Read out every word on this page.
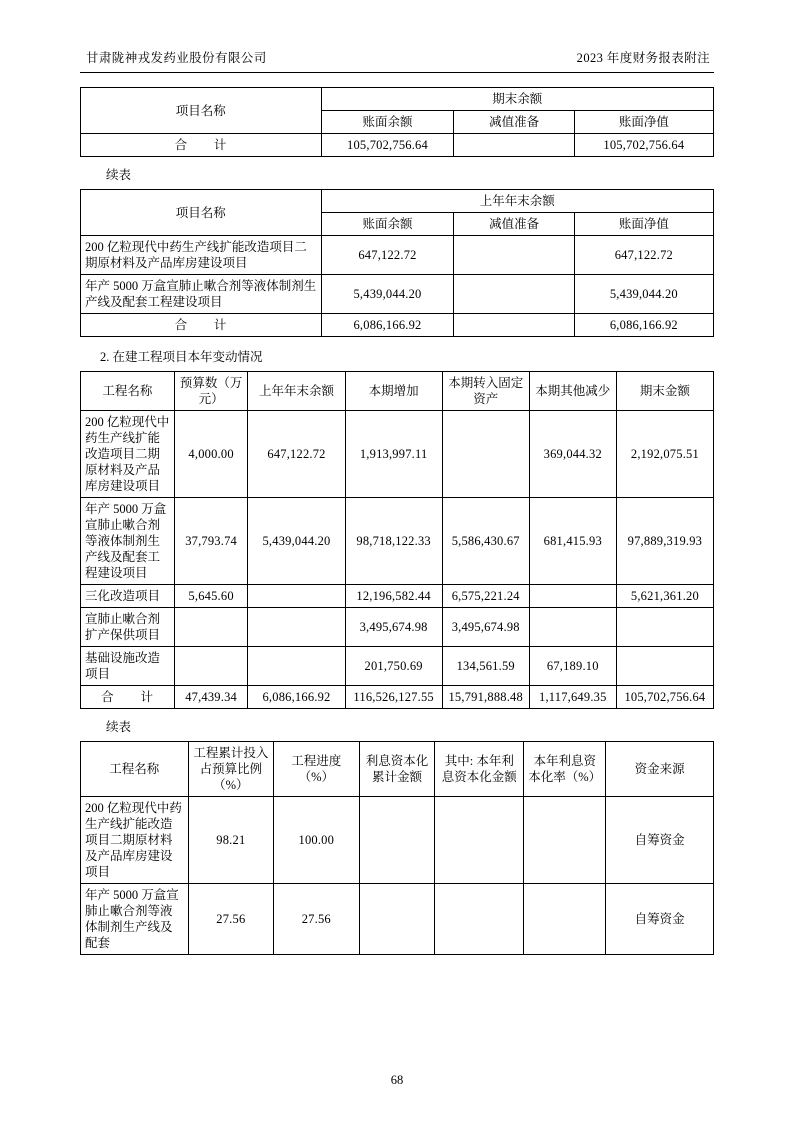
甘肃陇神戎发药业股份有限公司	2023 年度财务报表附注
项目名称	期末余额		
	账面余额	减值准备	账面净值
合　　计	105,702,756.64		105,702,756.64
续表
项目名称	上年年末余额		
	账面余额	减值准备	账面净值
200 亿粒现代中药生产线扩能改造项目二期原材料及产品库房建设项目	647,122.72		647,122.72
年产 5000 万盒宣肺止嗽合剂等液体制剂生产线及配套工程建设项目	5,439,044.20		5,439,044.20
合　　计	6,086,166.92		6,086,166.92
2. 在建工程项目本年变动情况
工程名称	预算数（万元）	上年年末余额	本期增加	本期转入固定资产	本期其他减少	期末金额
200 亿粒现代中药生产线扩能改造项目二期原材料及产品库房建设项目	4,000.00	647,122.72	1,913,997.11		369,044.32	2,192,075.51
年产 5000 万盒宣肺止嗽合剂等液体制剂生产线及配套工程建设项目	37,793.74	5,439,044.20	98,718,122.33	5,586,430.67	681,415.93	97,889,319.93
三化改造项目	5,645.60		12,196,582.44	6,575,221.24		5,621,361.20
宣肺止嗽合剂扩产保供项目			3,495,674.98	3,495,674.98		
基础设施改造项目			201,750.69	134,561.59	67,189.10	
合　　计	47,439.34	6,086,166.92	116,526,127.55	15,791,888.48	1,117,649.35	105,702,756.64
续表
工程名称	工程累计投入占预算比例（%）	工程进度（%）	利息资本化累计金额	其中: 本年利息资本化金额	本年利息资本化率（%）	资金来源
200 亿粒现代中药生产线扩能改造项目二期原材料及产品库房建设项目	98.21	100.00				自筹资金
年产 5000 万盒宣肺止嗽合剂等液体制剂生产线及配套	27.56	27.56				自筹资金
68
